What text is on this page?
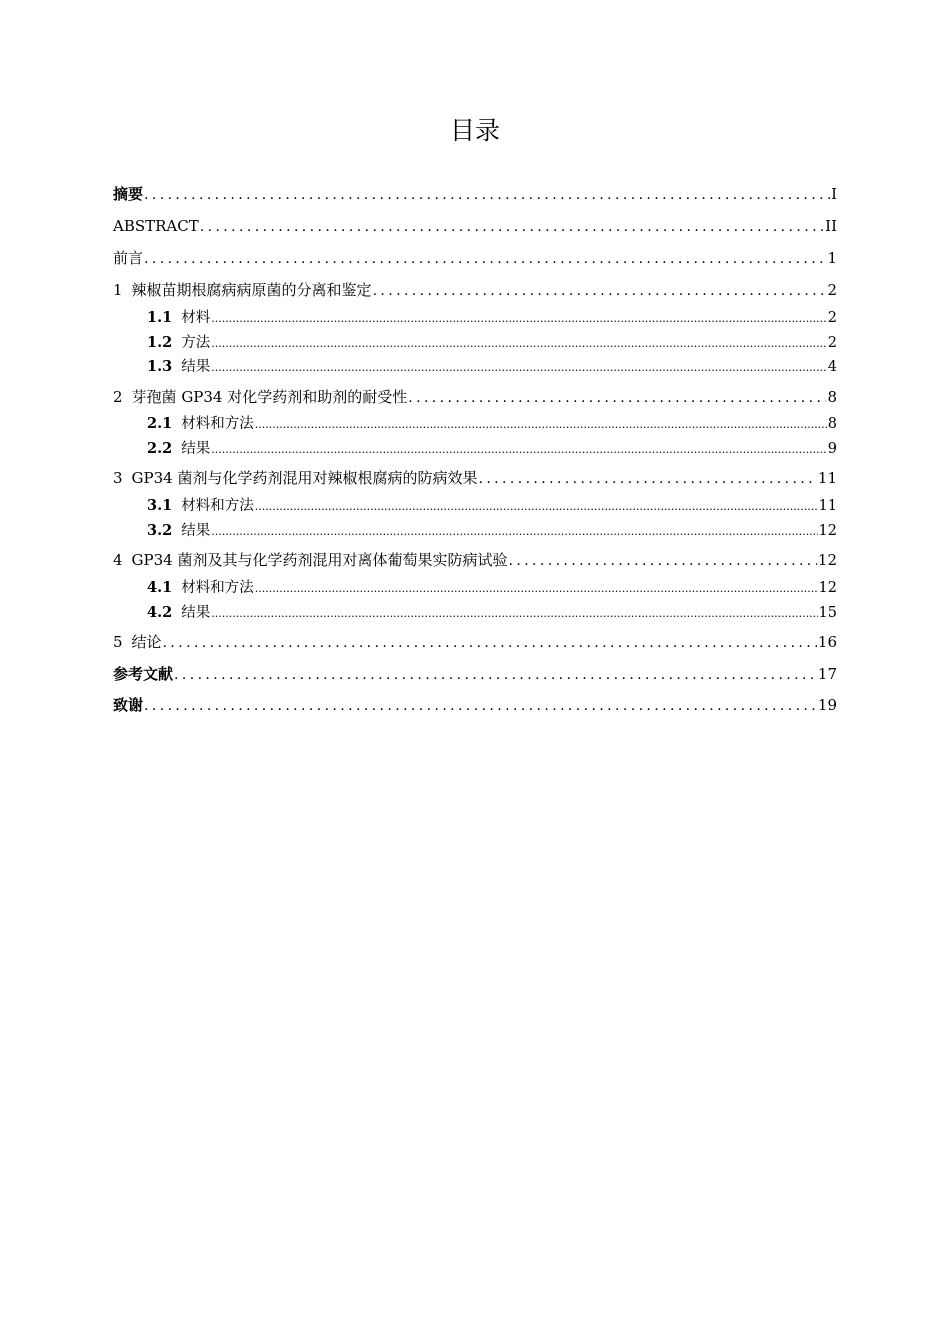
目录
摘要 .....	I
ABSTRACT .....	II
前言 .....	1
1 辣椒苗期根腐病病原菌的分离和鉴定 .....	2
1.1 材料 .....	2
1.2 方法 .....	2
1.3 结果 .....	4
2 芽孢菌 GP34 对化学药剂和助剂的耐受性 .....	8
2.1 材料和方法 .....	8
2.2 结果 .....	9
3 GP34 菌剂与化学药剂混用对辣椒根腐病的防病效果 .....	11
3.1 材料和方法 .....	11
3.2 结果 .....	12
4 GP34 菌剂及其与化学药剂混用对离体葡萄果实防病试验 .....	12
4.1 材料和方法 .....	12
4.2 结果 .....	15
5 结论 .....	16
参考文献 .....	17
致谢 .....	19
